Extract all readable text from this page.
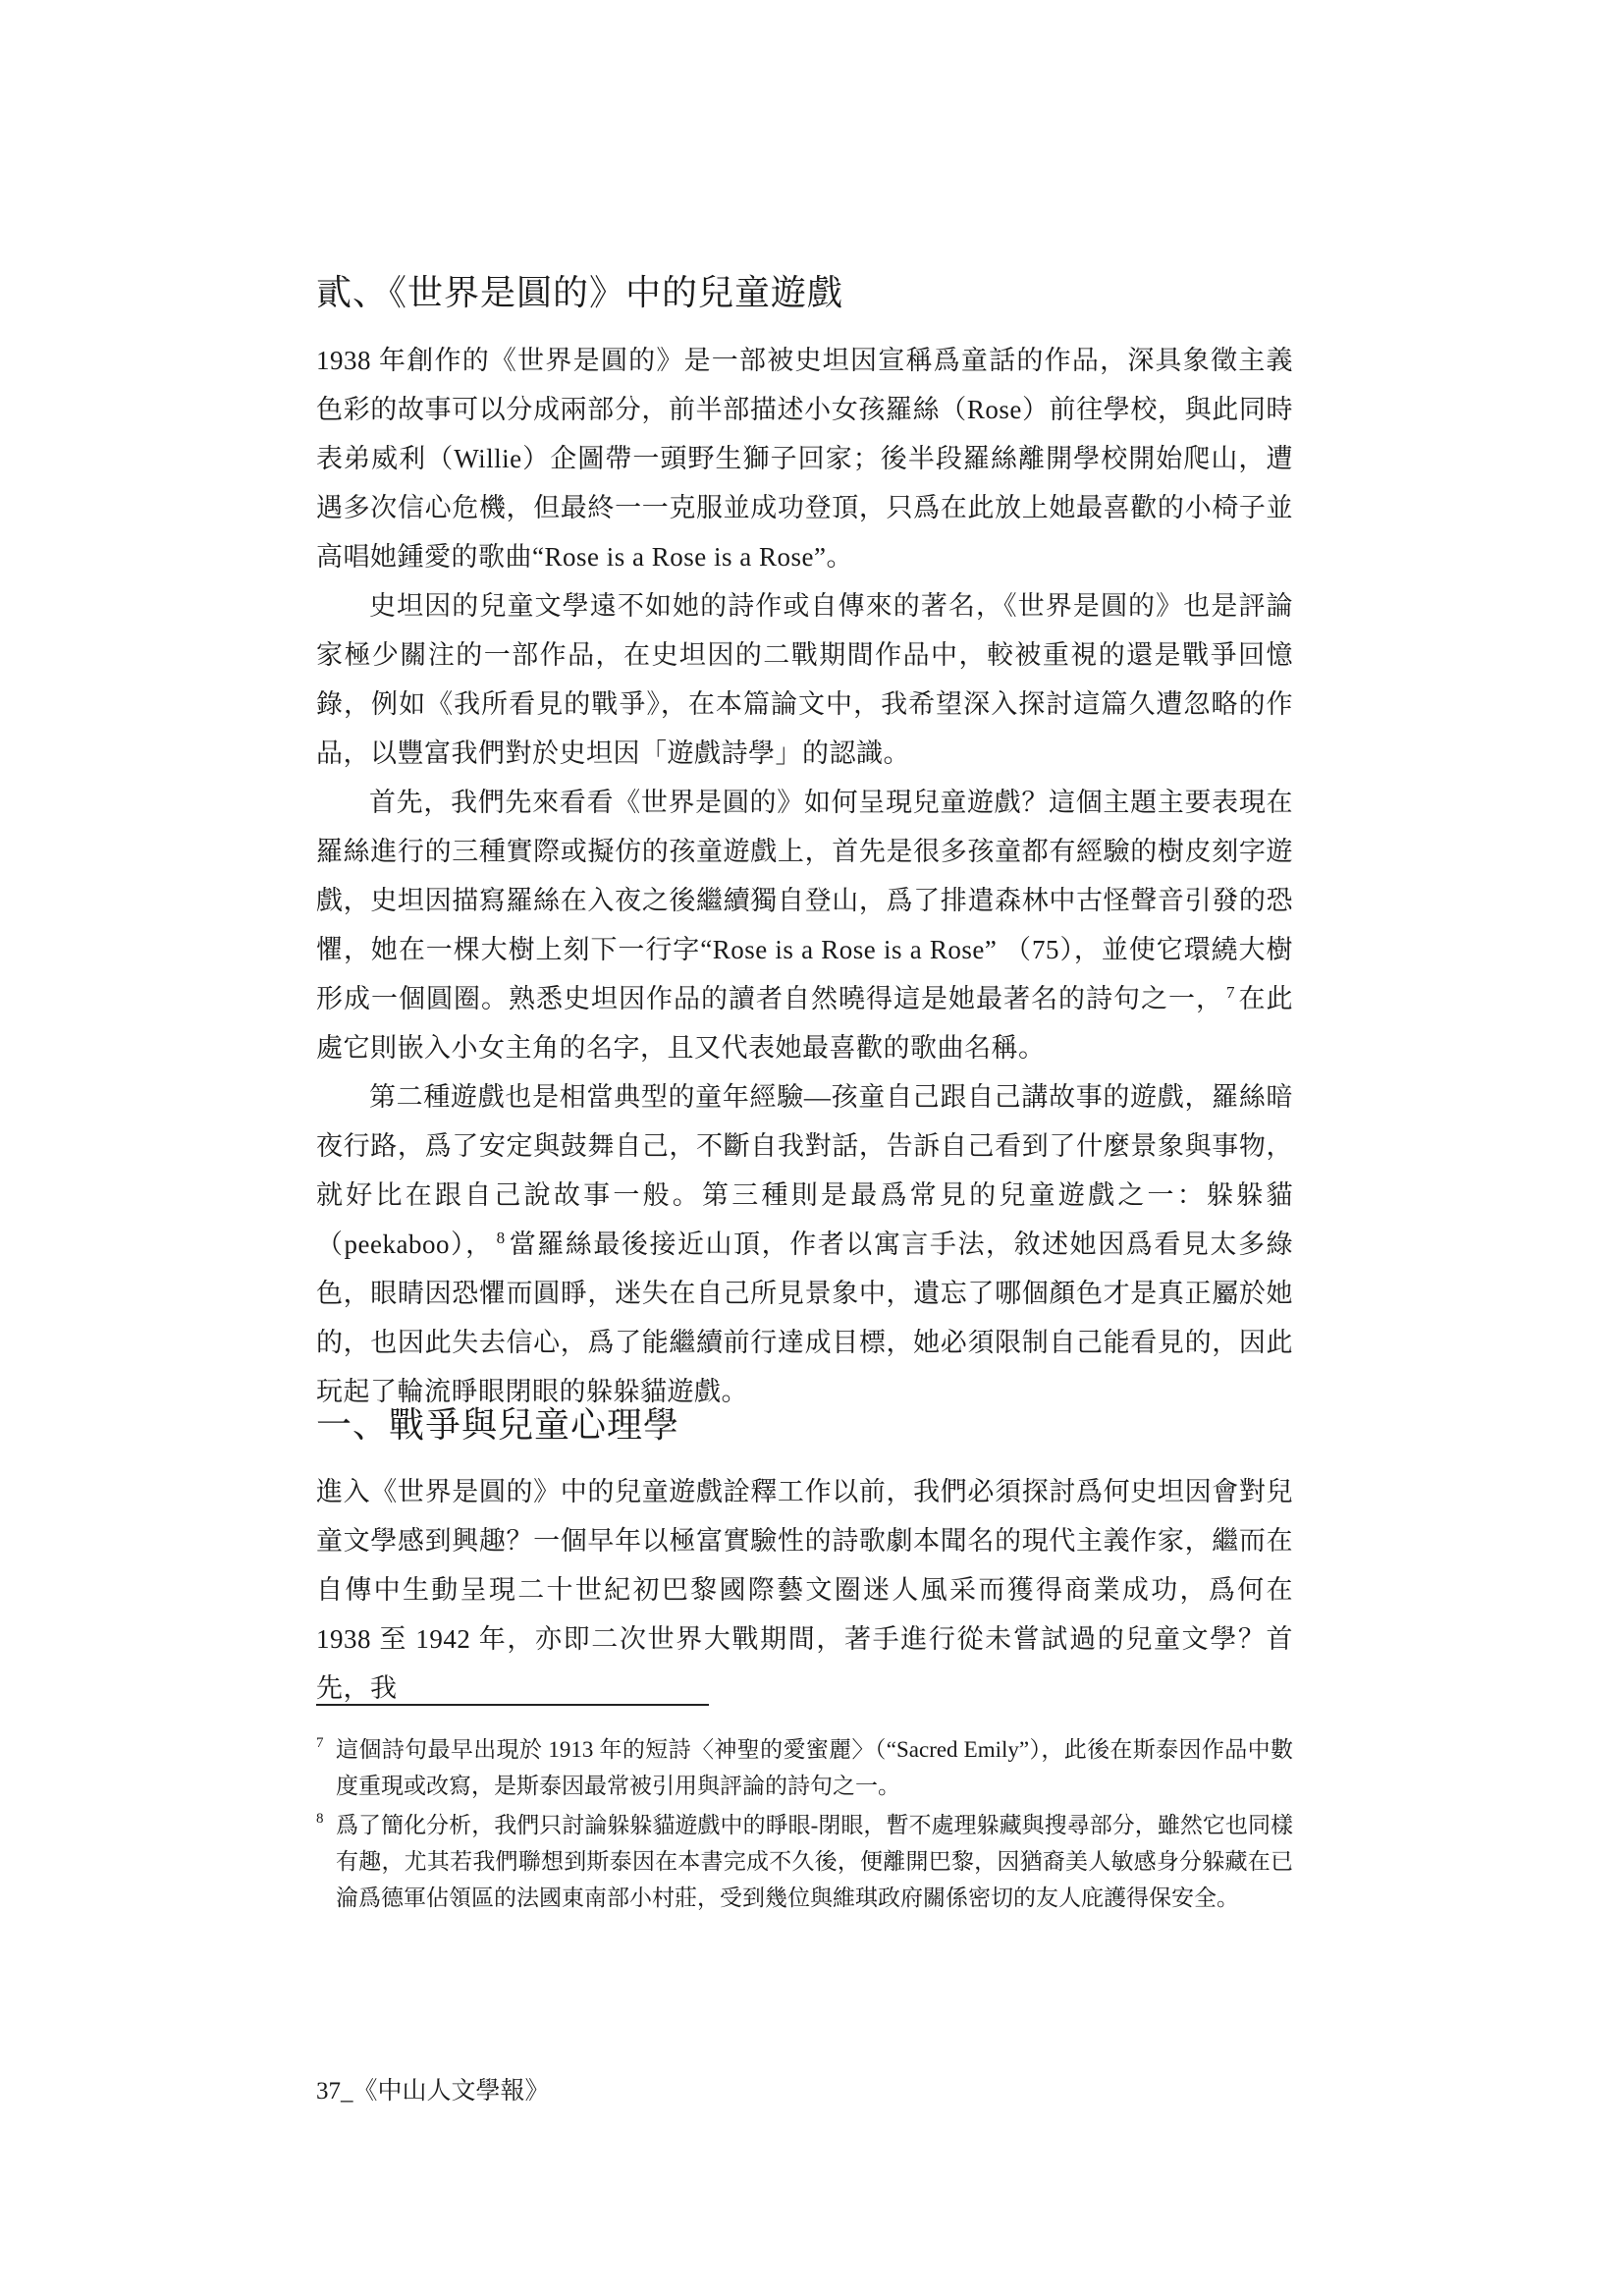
貳、《世界是圓的》中的兒童遊戲

1938 年創作的《世界是圓的》是一部被史坦因宣稱爲童話的作品，深具象徵主義色彩的故事可以分成兩部分，前半部描述小女孩羅絲（Rose）前往學校，與此同時表弟威利（Willie）企圖帶一頭野生獅子回家；後半段羅絲離開學校開始爬山，遭遇多次信心危機，但最終一一克服並成功登頂，只爲在此放上她最喜歡的小椅子並高唱她鍾愛的歌曲“Rose is a Rose is a Rose”。

史坦因的兒童文學遠不如她的詩作或自傳來的著名，《世界是圓的》也是評論家極少關注的一部作品，在史坦因的二戰期間作品中，較被重視的還是戰爭回憶錄，例如《我所看見的戰爭》，在本篇論文中，我希望深入探討這篇久遭忽略的作品，以豐富我們對於史坦因「遊戲詩學」的認識。

首先，我們先來看看《世界是圓的》如何呈現兒童遊戲？這個主題主要表現在羅絲進行的三種實際或擬仿的孩童遊戲上，首先是很多孩童都有經驗的樹皮刻字遊戲，史坦因描寫羅絲在入夜之後繼續獨自登山，爲了排遣森林中古怪聲音引發的恐懼，她在一棵大樹上刻下一行字“Rose is a Rose is a Rose” （75），並使它環繞大樹形成一個圓圈。熟悉史坦因作品的讀者自然曉得這是她最著名的詩句之一， $^7$ 在此處它則嵌入小女主角的名字，且又代表她最喜歡的歌曲名稱。

第二種遊戲也是相當典型的童年經驗—孩童自己跟自己講故事的遊戲，羅絲暗夜行路，爲了安定與鼓舞自己，不斷自我對話，告訴自己看到了什麼景象與事物，就好比在跟自己說故事一般。第三種則是最爲常見的兒童遊戲之一：躲躲貓（peekaboo）， $^8$ 當羅絲最後接近山頂，作者以寓言手法，敘述她因爲看見太多綠色，眼睛因恐懼而圓睜，迷失在自己所見景象中，遺忘了哪個顏色才是真正屬於她的，也因此失去信心，爲了能繼續前行達成目標，她必須限制自己能看見的，因此玩起了輪流睜眼閉眼的躲躲貓遊戲。

一、戰爭與兒童心理學

進入《世界是圓的》中的兒童遊戲詮釋工作以前，我們必須探討爲何史坦因會對兒童文學感到興趣？一個早年以極富實驗性的詩歌劇本聞名的現代主義作家，繼而在自傳中生動呈現二十世紀初巴黎國際藝文圈迷人風采而獲得商業成功，爲何在 1938 至 1942 年，亦即二次世界大戰期間，著手進行從未嘗試過的兒童文學？首先，我

7 這個詩句最早出現於 1913 年的短詩〈神聖的愛蜜麗〉（“Sacred Emily”），此後在斯泰因作品中數度重現或改寫，是斯泰因最常被引用與評論的詩句之一。
8 爲了簡化分析，我們只討論躲躲貓遊戲中的睜眼-閉眼，暫不處理躲藏與搜尋部分，雖然它也同樣有趣，尤其若我們聯想到斯泰因在本書完成不久後，便離開巴黎，因猶裔美人敏感身分躲藏在已淪爲德軍佔領區的法國東南部小村莊，受到幾位與維琪政府關係密切的友人庇護得保安全。
37_《中山人文學報》
